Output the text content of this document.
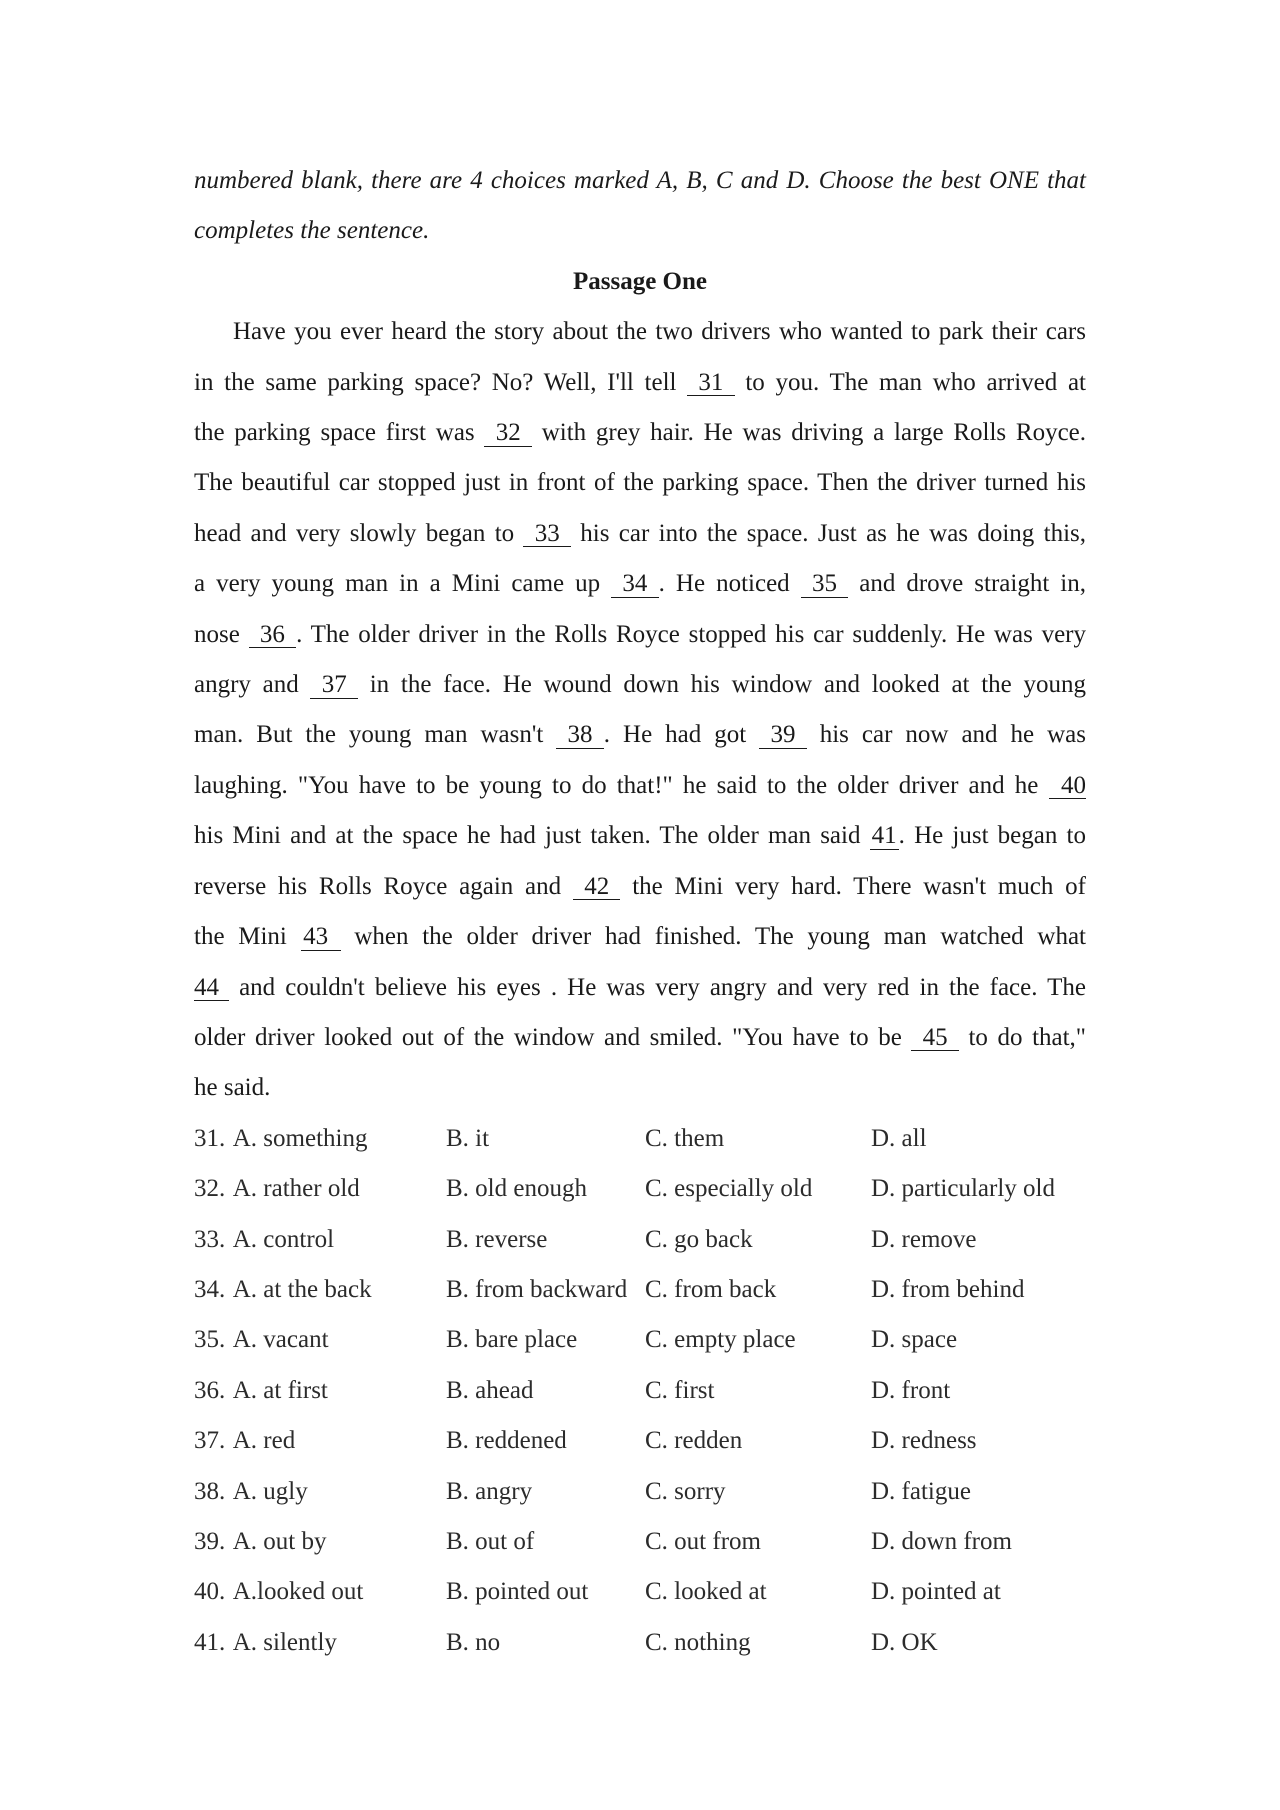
numbered blank, there are 4 choices marked A, B, C and D. Choose the best ONE that
completes the sentence.
Passage One
Have you ever heard the story about the two drivers who wanted to park their cars
in the same parking space? No? Well, I'll tell 31 to you. The man who arrived at
the parking space first was 32 with grey hair. He was driving a large Rolls Royce.
The beautiful car stopped just in front of the parking space. Then the driver turned his
head and very slowly began to 33 his car into the space. Just as he was doing this,
a very young man in a Mini came up 34 . He noticed 35 and drove straight in,
nose 36 . The older driver in the Rolls Royce stopped his car suddenly. He was very
angry and 37 in the face. He wound down his window and looked at the young
man. But the young man wasn't 38 . He had got 39 his car now and he was
laughing. "You have to be young to do that!" he said to the older driver and he 40
his Mini and at the space he had just taken. The older man said 41. He just began to
reverse his Rolls Royce again and 42 the Mini very hard. There wasn't much of
the Mini 43 when the older driver had finished. The young man watched what
44 and couldn't believe his eyes . He was very angry and very red in the face. The
older driver looked out of the window and smiled. "You have to be 45 to do that,"
he said.
31. A. something	B. it	C. them	D. all
32. A. rather old	B. old enough	C. especially old	D. particularly old
33. A. control	B. reverse	C. go back	D. remove
34. A. at the back	B. from backward C. from back	D. from behind
35. A. vacant	B. bare place	C. empty place	D. space
36. A. at first	B. ahead	C. first	D. front
37. A. red	B. reddened	C. redden	D. redness
38. A. ugly	B. angry	C. sorry	D. fatigue
39. A. out by	B. out of	C. out from	D. down from
40. A.looked out	B. pointed out	C. looked at	D. pointed at
41. A. silently	B. no	C. nothing	D. OK
